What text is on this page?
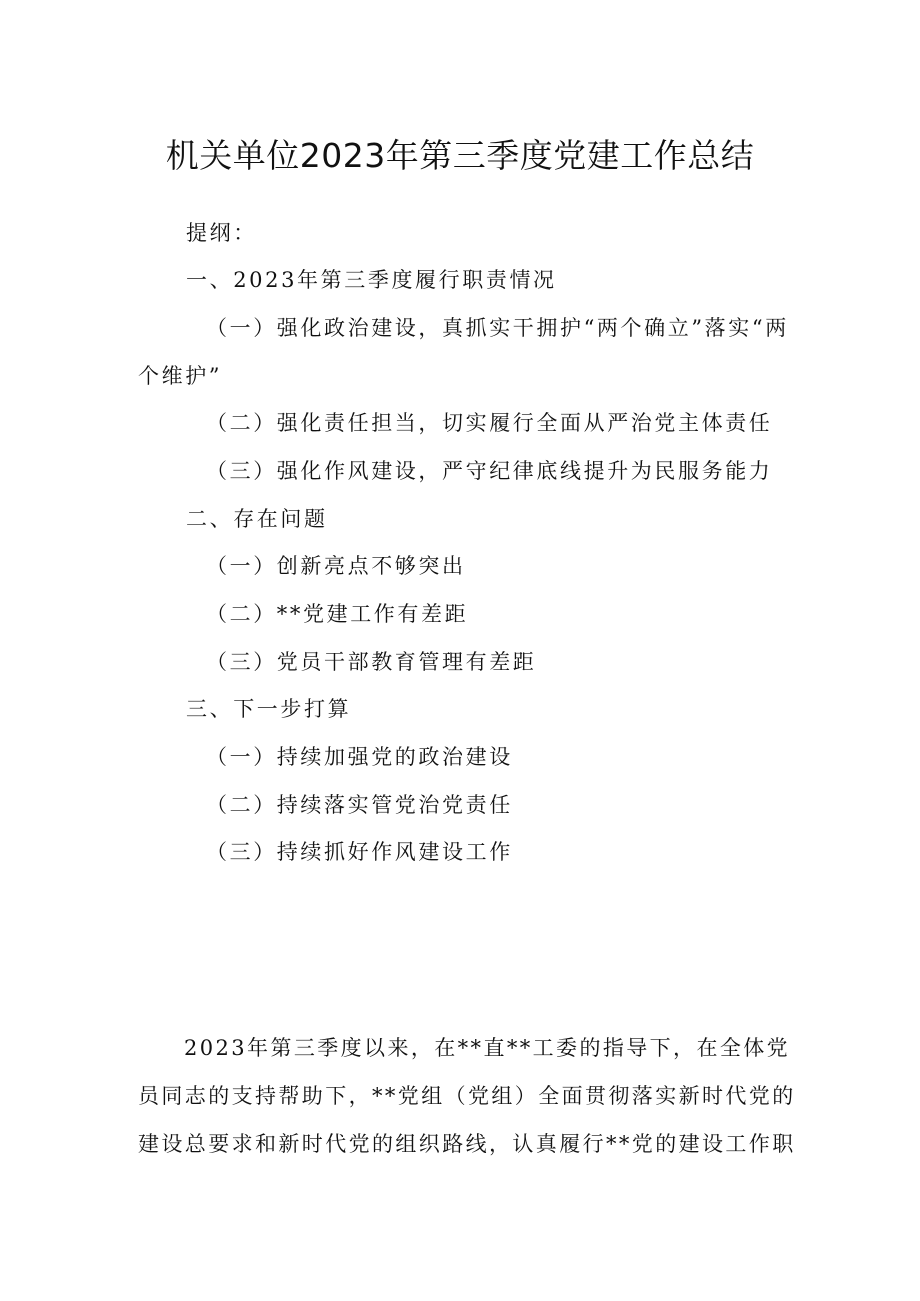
机关单位2023年第三季度党建工作总结
提纲：
一、2023年第三季度履行职责情况
（一）强化政治建设，真抓实干拥护“两个确立”落实“两
个维护”
（二）强化责任担当，切实履行全面从严治党主体责任
（三）强化作风建设，严守纪律底线提升为民服务能力
二、存在问题
（一）创新亮点不够突出
（二）**党建工作有差距
（三）党员干部教育管理有差距
三、下一步打算
（一）持续加强党的政治建设
（二）持续落实管党治党责任
（三）持续抓好作风建设工作
2023年第三季度以来，在**直**工委的指导下，在全体党
员同志的支持帮助下，**党组（党组）全面贯彻落实新时代党的
建设总要求和新时代党的组织路线，认真履行**党的建设工作职
